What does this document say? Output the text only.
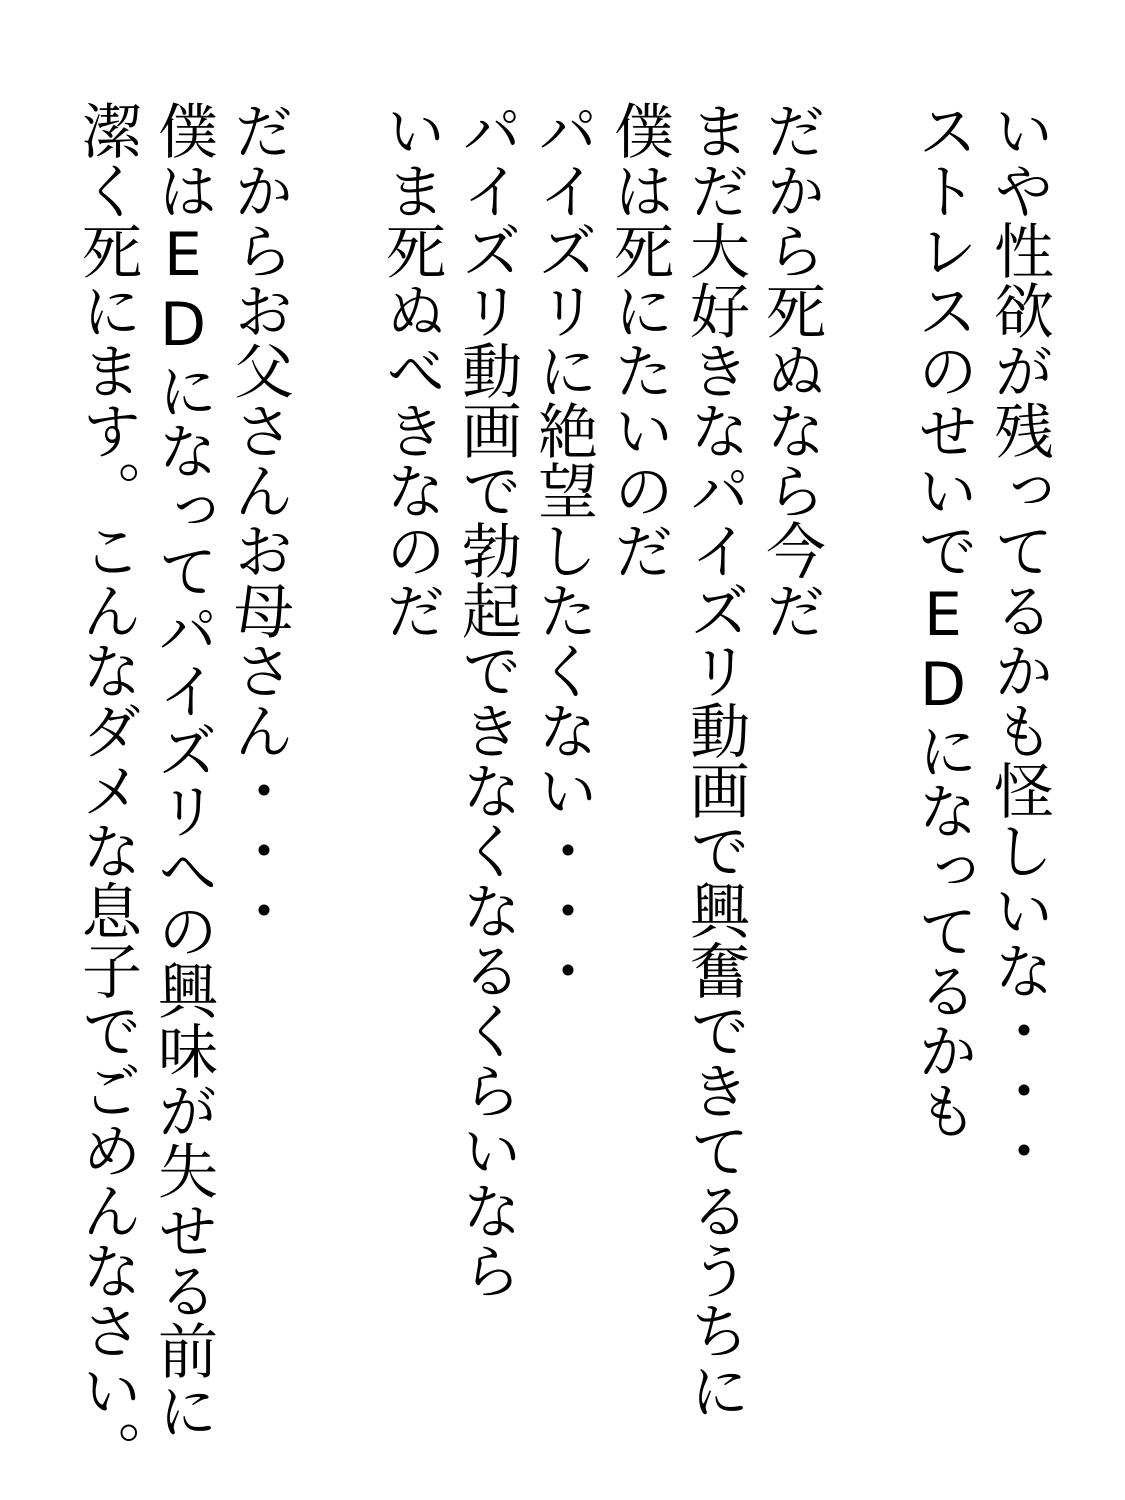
いや性欲が残ってるかも怪しいな・・・
ストレスのせいでEDになってるかも
だから死ぬなら今だ
まだ大好きなパイズリ動画で興奮できてるうちに
僕は死にたいのだ
パイズリに絶望したくない・・・
パイズリ動画で勃起できなくなるくらいなら
いま死ぬべきなのだ
だからお父さんお母さん・・・
僕はEDになってパイズリへの興味が失せる前に
潔く死にます。こんなダメな息子でごめんなさい。
